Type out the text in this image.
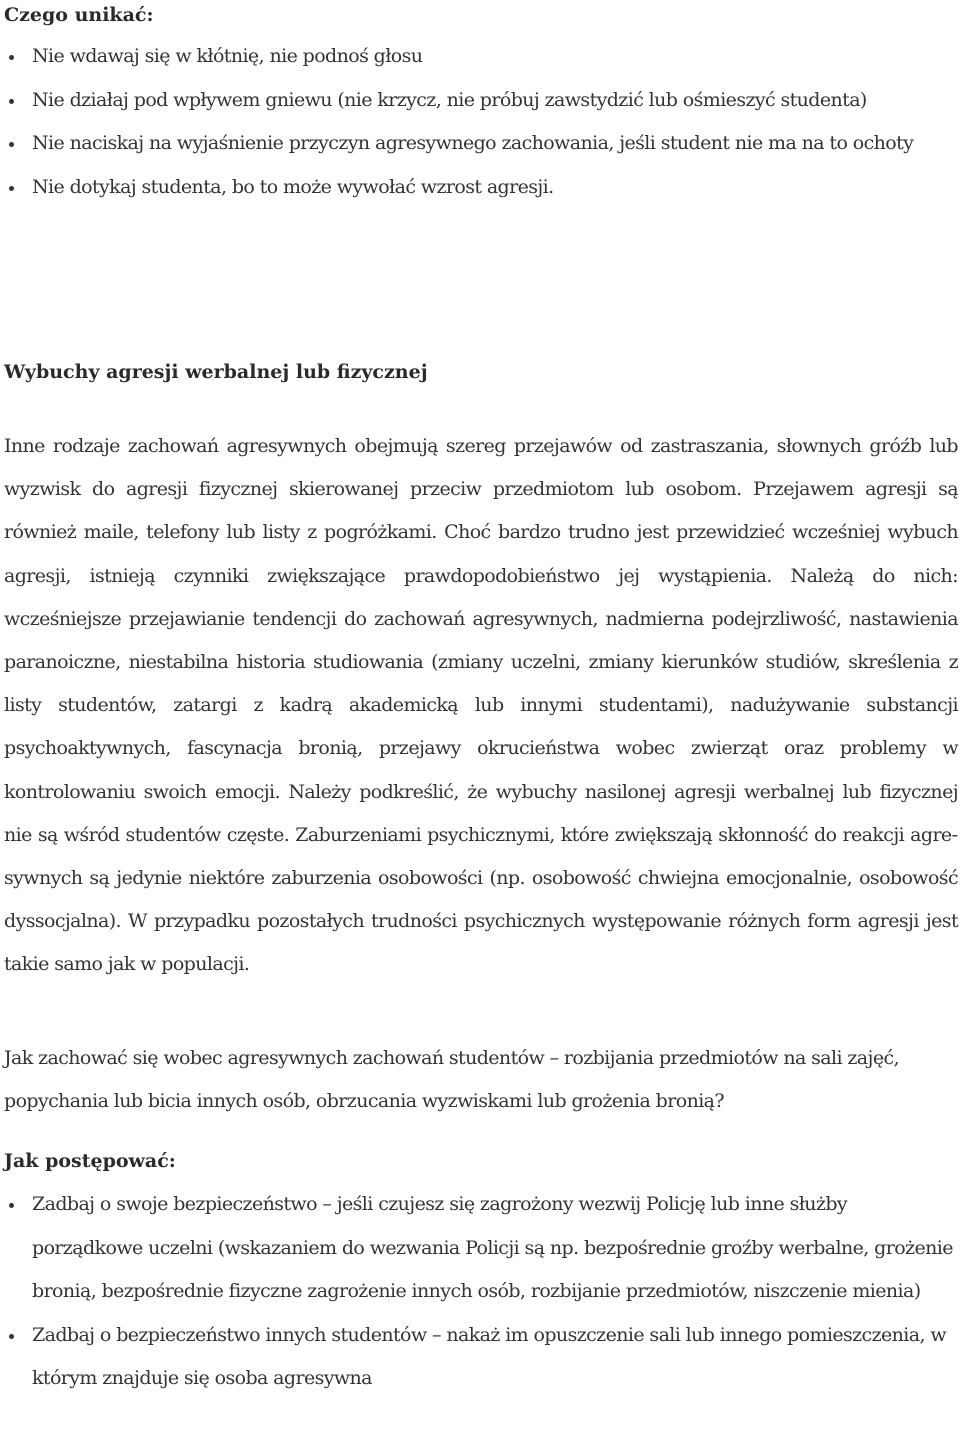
Czego unikać:
Nie wdawaj się w kłótnię, nie podnoś głosu
Nie działaj pod wpływem gniewu (nie krzycz, nie próbuj zawstydzić lub ośmieszyć studenta)
Nie naciskaj na wyjaśnienie przyczyn agresywnego zachowania, jeśli student nie ma na to ochoty
Nie dotykaj studenta, bo to może wywołać wzrost agresji.
Wybuchy agresji werbalnej lub fizycznej

Inne rodzaje zachowań agresywnych obejmują szereg przejawów od zastraszania, słownych gróźb lub wyzwisk do agresji fizycznej skierowanej przeciw przedmiotom lub osobom. Przejawem agresji są również maile, telefony lub listy z pogróżkami. Choć bardzo trudno jest przewidzieć wcześniej wybuch agresji, istnieją czynniki zwiększające prawdopodobieństwo jej wystąpienia. Należą do nich: wcześniejsze przejawianie tendencji do zachowań agresywnych, nadmierna podejrzliwość, nastawienia paranoiczne, niestabilna historia studiowania (zmiany uczelni, zmiany kierunków studiów, skreślenia z listy studentów, zatargi z kadrą akademicką lub innymi studentami), nadużywanie substancji psychoaktywnych, fascynacja bronią, przejawy okrucieństwa wobec zwierząt oraz problemy w kontrolowaniu swoich emocji. Należy podkreślić, że wybuchy nasilonej agresji werbalnej lub fizycznej nie są wśród studentów częste. Zaburzeniami psychicznymi, które zwiększają skłonność do reakcji agresywnych są jedynie niektóre zaburzenia osobowości (np. osobowość chwiejna emocjonalnie, osobowość dyssocjalna). W przypadku pozostałych trudności psychicznych występowanie różnych form agresji jest takie samo jak w populacji.

Jak zachować się wobec agresywnych zachowań studentów – rozbijania przedmiotów na sali zajęć, popychania lub bicia innych osób, obrzucania wyzwiskami lub grożenia bronią?

Jak postępować:
Zadbaj o swoje bezpieczeństwo – jeśli czujesz się zagrożony wezwij Policję lub inne służby porządkowe uczelni (wskazaniem do wezwania Policji są np. bezpośrednie groźby werbalne, grożenie bronią, bezpośrednie fizyczne zagrożenie innych osób, rozbijanie przedmiotów, niszczenie mienia)
Zadbaj o bezpieczeństwo innych studentów – nakaż im opuszczenie sali lub innego pomieszczenia, w którym znajduje się osoba agresywna
